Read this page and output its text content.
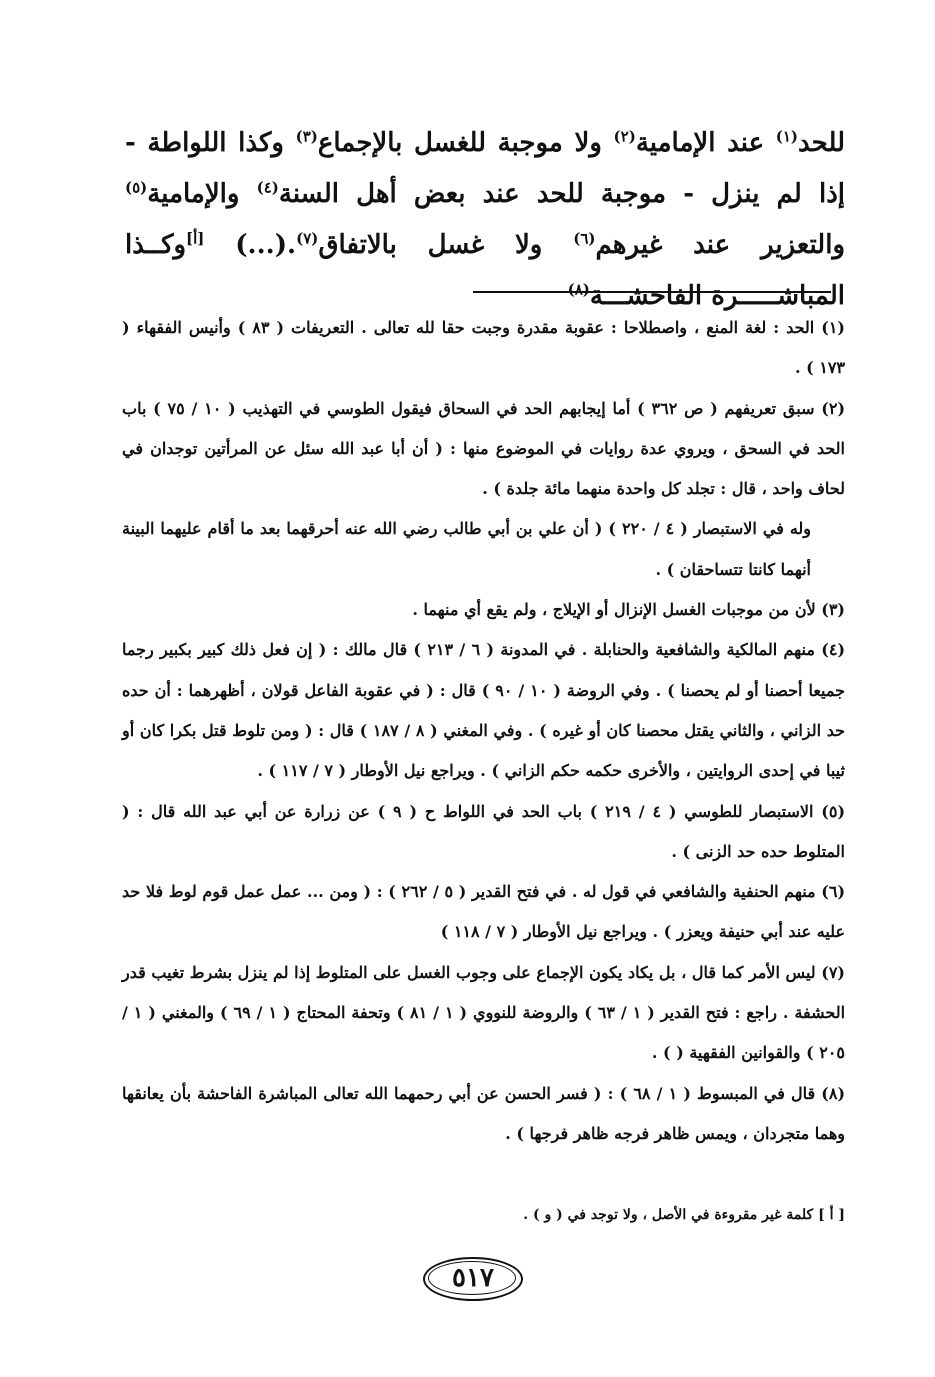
للحد$^{(١)}$ عند الإمامية$^{(٢)}$ ولا موجبة للغسل بالإجماع$^{(٣)}$ وكذا اللواطة - إذا لم ينزل - موجبة للحد عند بعض أهل السنة$^{(٤)}$ والإمامية$^{(٥)}$ والتعزير عند غيرهم$^{(٦)}$ ولا غسل بالاتفاق$^{(٧)}$.(...) [أ]وكــذا المباشـــــرة الفاحشـــة$^{(٨)}$

(١) الحد : لغة المنع ، واصطلاحا : عقوبة مقدرة وجبت حقا لله تعالى . التعريفات ( ٨٣ ) وأنيس الفقهاء ( ١٧٣ ) .
(٢) سبق تعريفهم ( ص ٣٦٢ ) أما إيجابهم الحد في السحاق فيقول الطوسي في التهذيب ( ١٠ / ٧٥ ) باب الحد في السحق ، ويروي عدة روايات في الموضوع منها : ( أن أبا عبد الله سئل عن المرأتين توجدان في لحاف واحد ، قال : تجلد كل واحدة منهما مائة جلدة ) .
وله في الاستبصار ( ٤ / ٢٢٠ ) ( أن علي بن أبي طالب رضي الله عنه أحرقهما بعد ما أقام عليهما البينة أنهما كانتا تتساحقان ) .
(٣) لأن من موجبات الغسل الإنزال أو الإيلاج ، ولم يقع أي منهما .
(٤) منهم المالكية والشافعية والحنابلة . في المدونة ( ٦ / ٢١٣ ) قال مالك : ( إن فعل ذلك كبير بكبير رجما جميعا أحصنا أو لم يحصنا ) . وفي الروضة ( ١٠ / ٩٠ ) قال : ( في عقوبة الفاعل قولان ، أظهرهما : أن حده حد الزاني ، والثاني يقتل محصنا كان أو غيره ) . وفي المغني ( ٨ / ١٨٧ ) قال : ( ومن تلوط قتل بكرا كان أو ثيبا في إحدى الروايتين ، والأخرى حكمه حكم الزاني ) . ويراجع نيل الأوطار ( ٧ / ١١٧ ) .
(٥) الاستبصار للطوسي ( ٤ / ٢١٩ ) باب الحد في اللواط ح ( ٩ ) عن زرارة عن أبي عبد الله قال : ( المتلوط حده حد الزنى ) .
(٦) منهم الحنفية والشافعي في قول له . في فتح القدير ( ٥ / ٢٦٢ ) : ( ومن ... عمل عمل قوم لوط فلا حد عليه عند أبي حنيفة ويعزر ) . ويراجع نيل الأوطار ( ٧ / ١١٨ )
(٧) ليس الأمر كما قال ، بل يكاد يكون الإجماع على وجوب الغسل على المتلوط إذا لم ينزل بشرط تغيب قدر الحشفة . راجع : فتح القدير ( ١ / ٦٣ ) والروضة للنووي ( ١ / ٨١ ) وتحفة المحتاج ( ١ / ٦٩ ) والمغني ( ١ / ٢٠٥ ) والقوانين الفقهية ( ) .
(٨) قال في المبسوط ( ١ / ٦٨ ) : ( فسر الحسن عن أبي رحمهما الله تعالى المباشرة الفاحشة بأن يعانقها وهما متجردان ، ويمس ظاهر فرجه ظاهر فرجها ) .
[ أ ] كلمة غير مقروءة في الأصل ، ولا توجد في ( و ) .
٥١٧
